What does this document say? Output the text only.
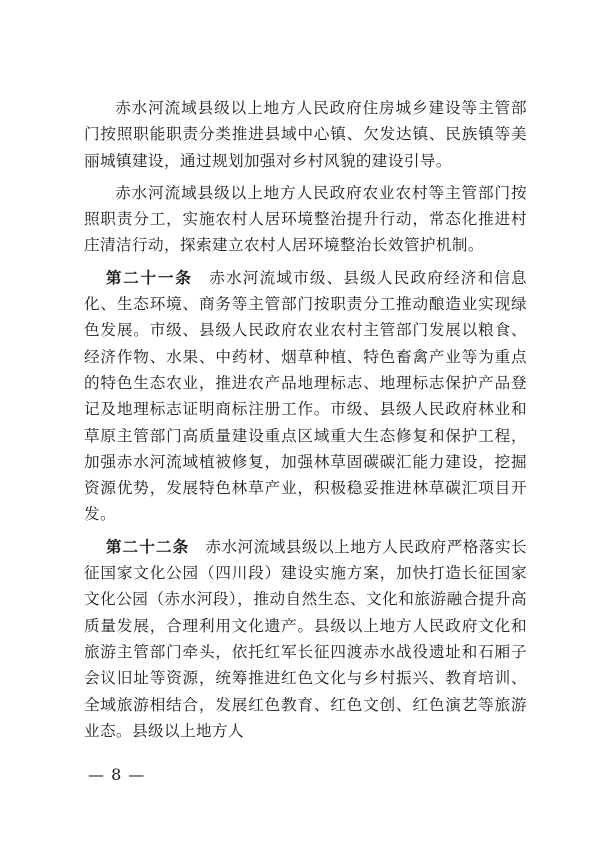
赤水河流域县级以上地方人民政府住房城乡建设等主管部门按照职能职责分类推进县域中心镇、欠发达镇、民族镇等美丽城镇建设，通过规划加强对乡村风貌的建设引导。

赤水河流域县级以上地方人民政府农业农村等主管部门按照职责分工，实施农村人居环境整治提升行动，常态化推进村庄清洁行动，探索建立农村人居环境整治长效管护机制。

第二十一条  赤水河流域市级、县级人民政府经济和信息化、生态环境、商务等主管部门按职责分工推动酿造业实现绿色发展。市级、县级人民政府农业农村主管部门发展以粮食、经济作物、水果、中药材、烟草种植、特色畜禽产业等为重点的特色生态农业，推进农产品地理标志、地理标志保护产品登记及地理标志证明商标注册工作。市级、县级人民政府林业和草原主管部门高质量建设重点区域重大生态修复和保护工程，加强赤水河流域植被修复，加强林草固碳碳汇能力建设，挖掘资源优势，发展特色林草产业，积极稳妥推进林草碳汇项目开发。

第二十二条  赤水河流域县级以上地方人民政府严格落实长征国家文化公园（四川段）建设实施方案，加快打造长征国家文化公园（赤水河段），推动自然生态、文化和旅游融合提升高质量发展，合理利用文化遗产。县级以上地方人民政府文化和旅游主管部门牵头，依托红军长征四渡赤水战役遗址和石厢子会议旧址等资源，统筹推进红色文化与乡村振兴、教育培训、全域旅游相结合，发展红色教育、红色文创、红色演艺等旅游业态。县级以上地方人

— 8 —
